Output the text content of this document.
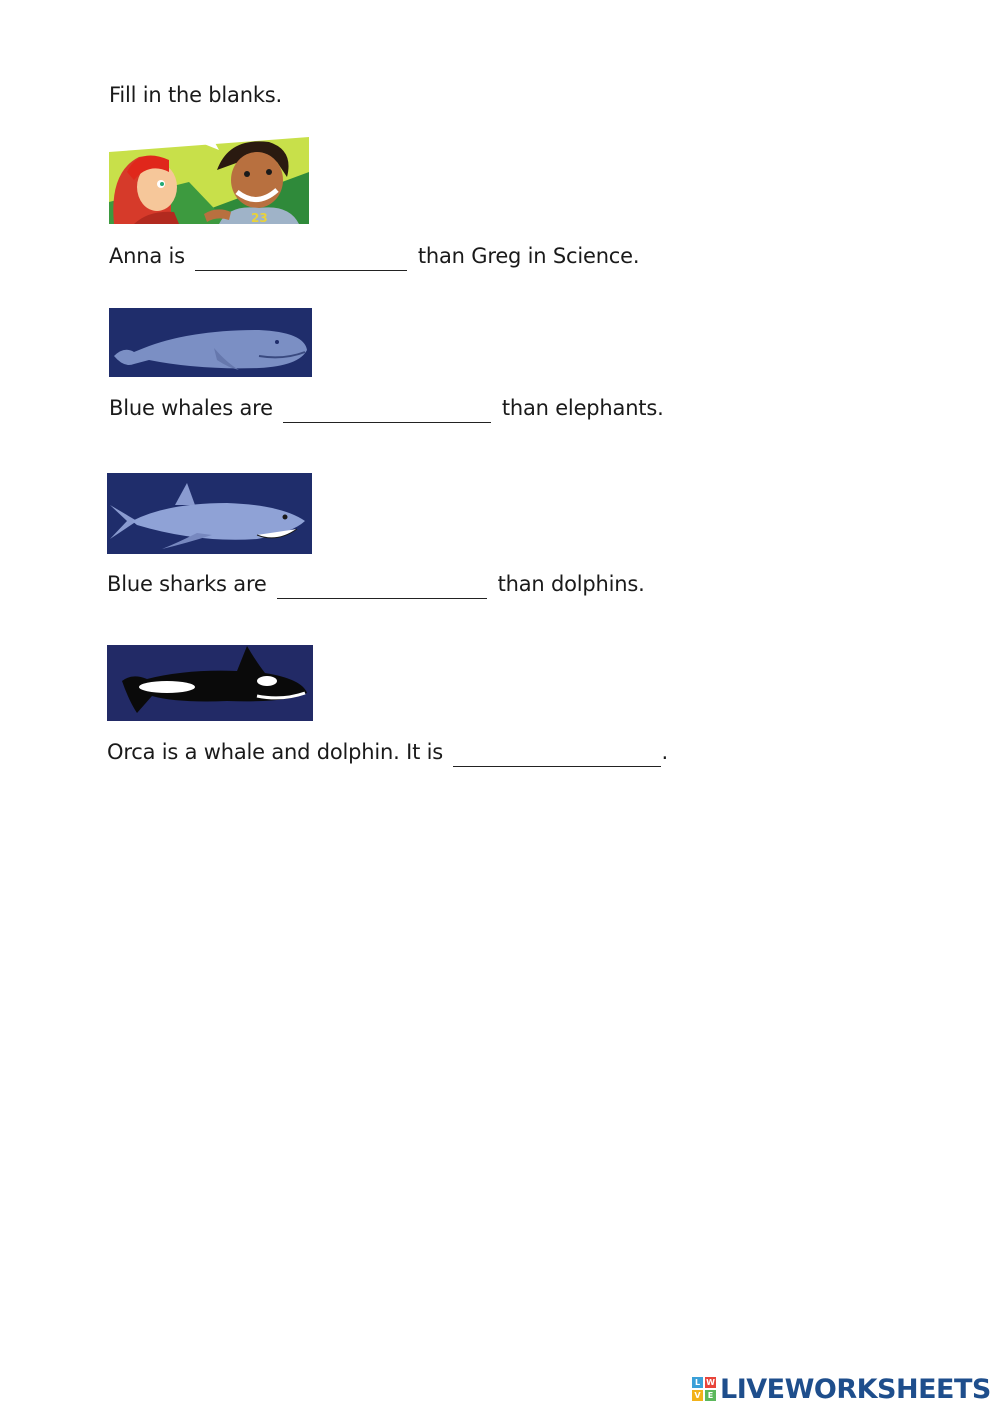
Fill in the blanks.
23
Anna is	than Greg in Science.
Blue whales are	than elephants.
Blue sharks are	than dolphins.
Orca is a whale and dolphin. It is	.
L W
V E LIVEWORKSHEETS
